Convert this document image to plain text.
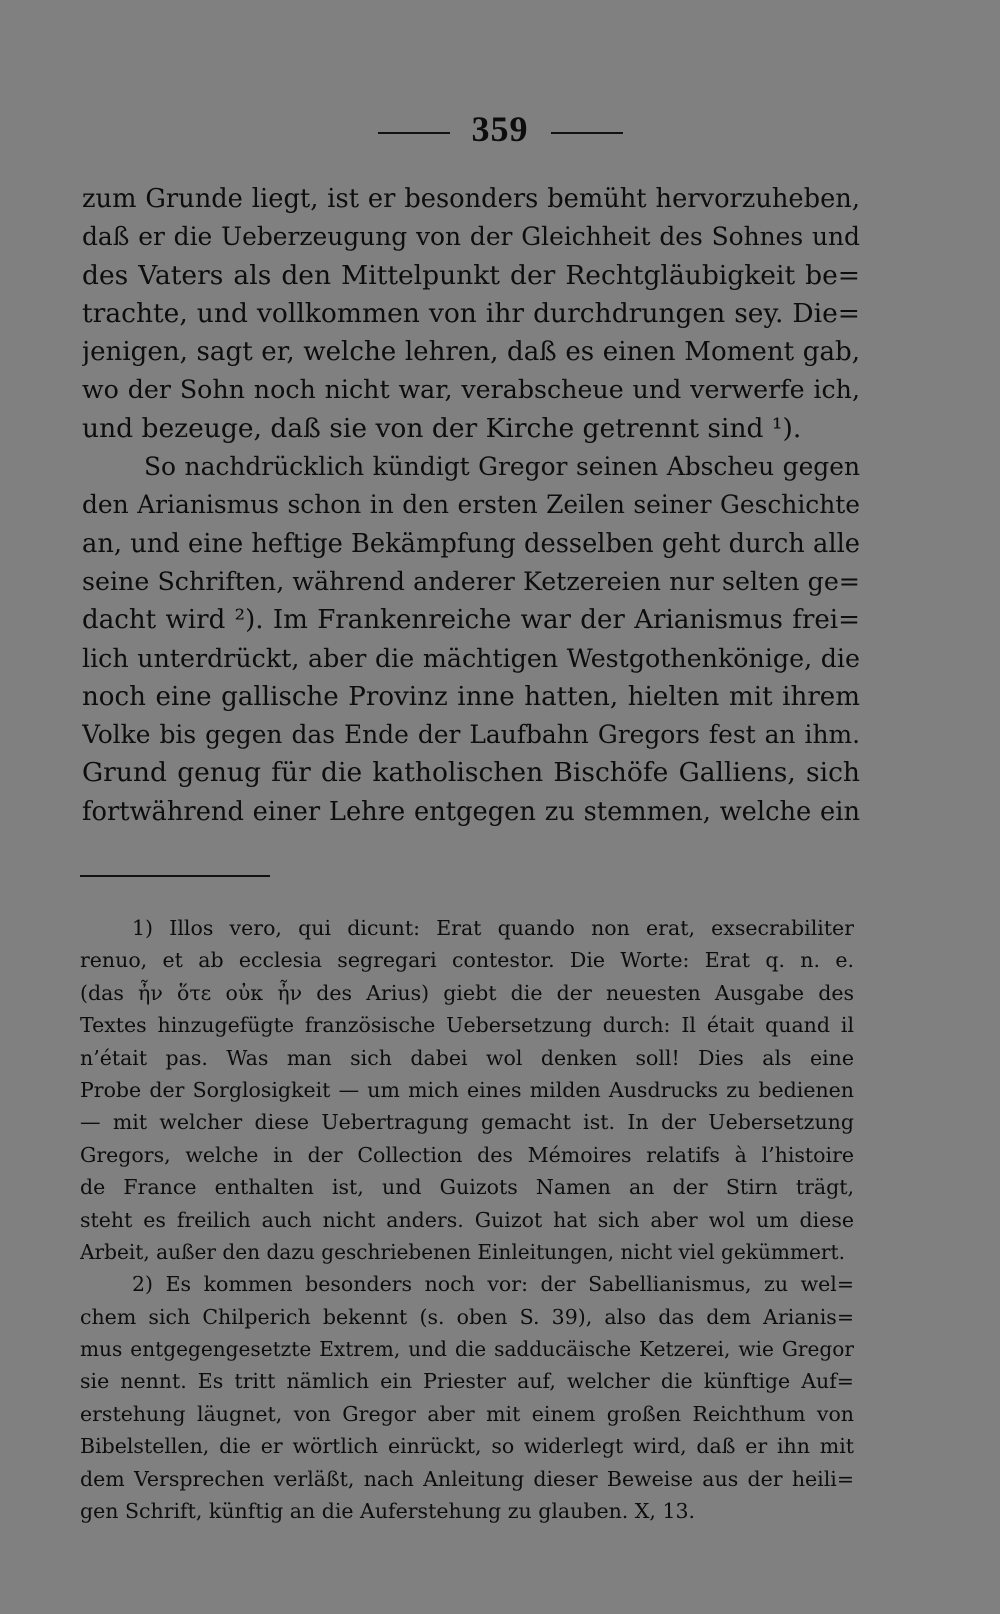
359
zum Grunde liegt, ist er besonders bemüht hervorzuheben,
daß er die Ueberzeugung von der Gleichheit des Sohnes und
des Vaters als den Mittelpunkt der Rechtgläubigkeit be=
trachte, und vollkommen von ihr durchdrungen sey. Die=
jenigen, sagt er, welche lehren, daß es einen Moment gab,
wo der Sohn noch nicht war, verabscheue und verwerfe ich,
und bezeuge, daß sie von der Kirche getrennt sind ¹).
So nachdrücklich kündigt Gregor seinen Abscheu gegen
den Arianismus schon in den ersten Zeilen seiner Geschichte
an, und eine heftige Bekämpfung desselben geht durch alle
seine Schriften, während anderer Ketzereien nur selten ge=
dacht wird ²). Im Frankenreiche war der Arianismus frei=
lich unterdrückt, aber die mächtigen Westgothenkönige, die
noch eine gallische Provinz inne hatten, hielten mit ihrem
Volke bis gegen das Ende der Laufbahn Gregors fest an ihm.
Grund genug für die katholischen Bischöfe Galliens, sich
fortwährend einer Lehre entgegen zu stemmen, welche ein
1) Illos vero, qui dicunt: Erat quando non erat, exsecrabiliter
renuo, et ab ecclesia segregari contestor. Die Worte: Erat q. n. e.
(das ἦν ὅτε οὐκ ἦν des Arius) giebt die der neuesten Ausgabe des
Textes hinzugefügte französische Uebersetzung durch: Il était quand il
n’était pas. Was man sich dabei wol denken soll! Dies als eine
Probe der Sorglosigkeit — um mich eines milden Ausdrucks zu bedienen
— mit welcher diese Uebertragung gemacht ist. In der Uebersetzung
Gregors, welche in der Collection des Mémoires relatifs à l’histoire
de France enthalten ist, und Guizots Namen an der Stirn trägt,
steht es freilich auch nicht anders. Guizot hat sich aber wol um diese
Arbeit, außer den dazu geschriebenen Einleitungen, nicht viel gekümmert.
2) Es kommen besonders noch vor: der Sabellianismus, zu wel=
chem sich Chilperich bekennt (s. oben S. 39), also das dem Arianis=
mus entgegengesetzte Extrem, und die sadducäische Ketzerei, wie Gregor
sie nennt. Es tritt nämlich ein Priester auf, welcher die künftige Auf=
erstehung läugnet, von Gregor aber mit einem großen Reichthum von
Bibelstellen, die er wörtlich einrückt, so widerlegt wird, daß er ihn mit
dem Versprechen verläßt, nach Anleitung dieser Beweise aus der heili=
gen Schrift, künftig an die Auferstehung zu glauben. X, 13.
